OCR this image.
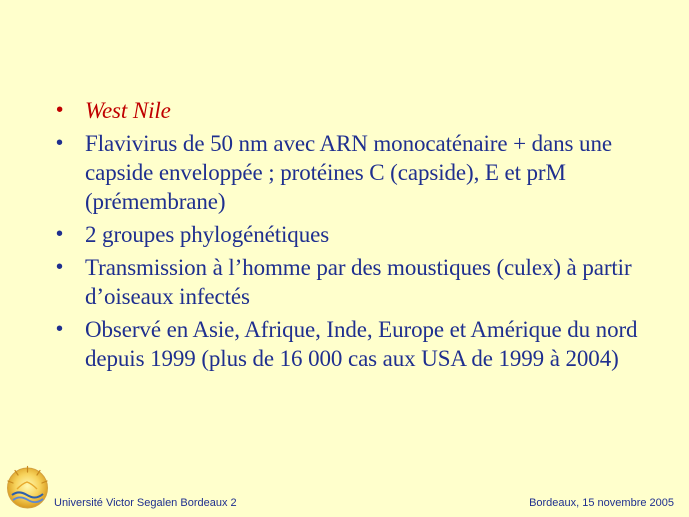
• West Nile
• Flavivirus de 50 nm avec ARN monocaténaire + dans une capside enveloppée ; protéines C (capside), E et prM (prémembrane)
• 2 groupes phylogénétiques
• Transmission à l’homme par des moustiques (culex) à partir d’oiseaux infectés
• Observé en Asie, Afrique, Inde, Europe et Amérique du nord depuis 1999 (plus de 16 000 cas aux USA de 1999 à 2004)
Université Victor Segalen Bordeaux 2	Bordeaux, 15 novembre 2005
